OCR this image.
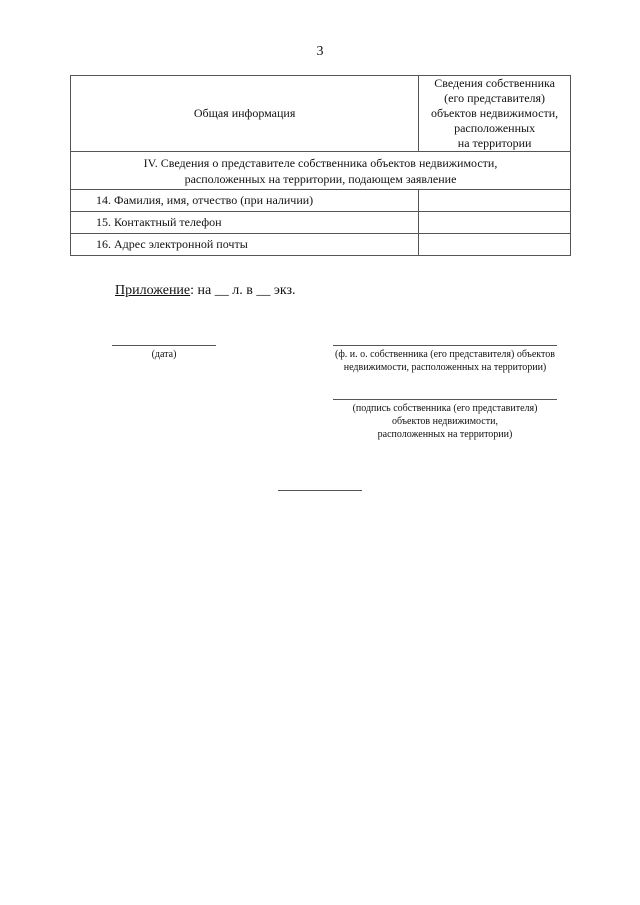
3
Общая информация	Сведения собственника
(его представителя)
объектов недвижимости,
расположенных
на территории

IV. Сведения о представителе собственника объектов недвижимости,
расположенных на территории, подающем заявление	

14. Фамилия, имя, отчество (при наличии)	
15. Контактный телефон	
16. Адрес электронной почты	
Приложение: на __ л. в __ экз.
(дата)	(ф. и. о. собственника (его представителя) объектов
недвижимости, расположенных на территории)
(подпись собственника (его представителя)
объектов недвижимости,
расположенных на территории)
